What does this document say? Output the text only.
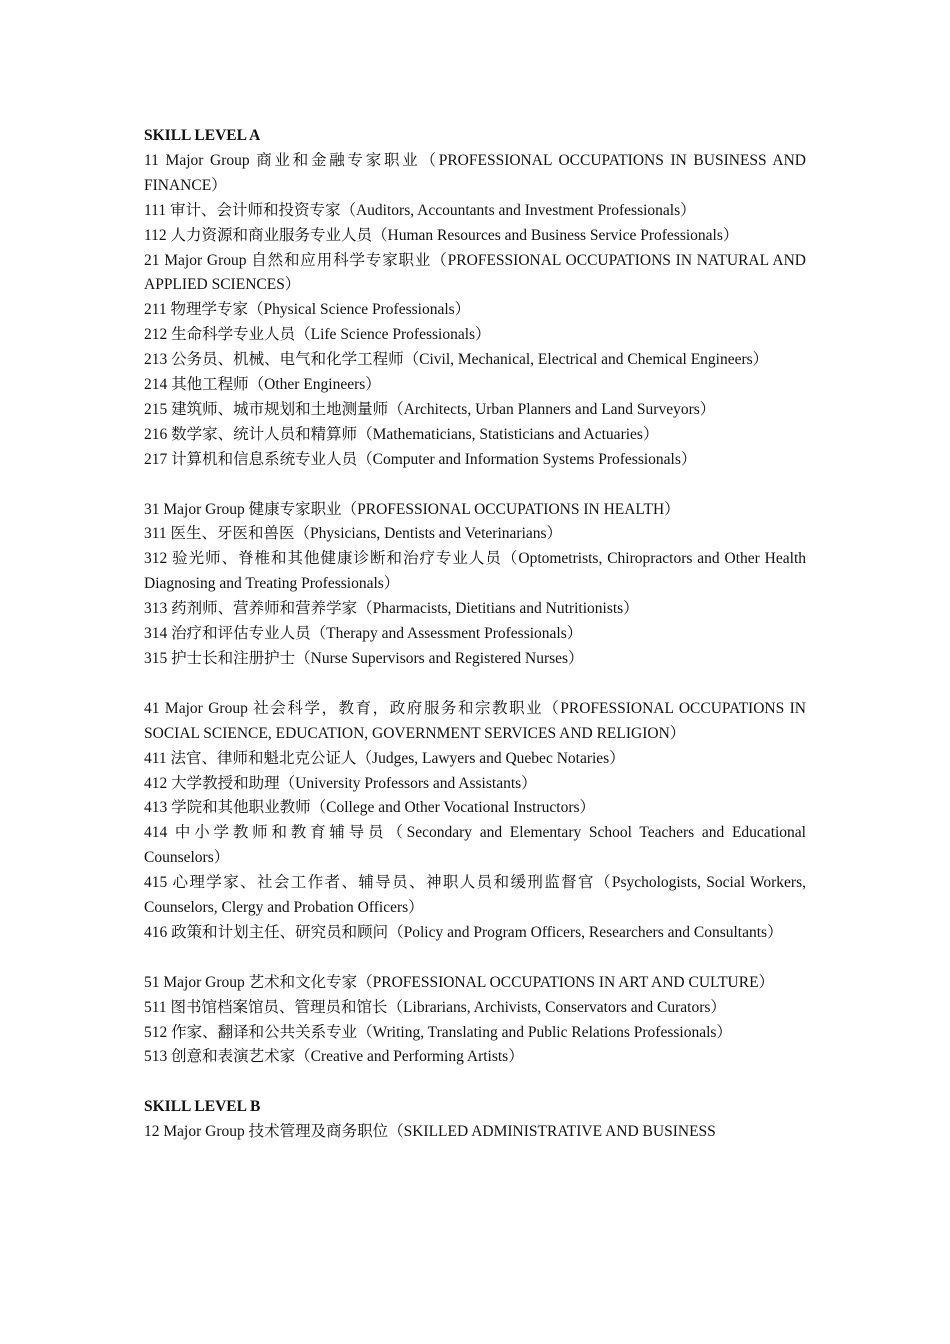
SKILL LEVEL A
11 Major Group 商业和金融专家职业（PROFESSIONAL OCCUPATIONS IN BUSINESS AND FINANCE）
111 审计、会计师和投资专家（Auditors, Accountants and Investment Professionals）
112 人力资源和商业服务专业人员（Human Resources and Business Service Professionals）
21 Major Group 自然和应用科学专家职业（PROFESSIONAL OCCUPATIONS IN NATURAL AND APPLIED SCIENCES）
211 物理学专家（Physical Science Professionals）
212 生命科学专业人员（Life Science Professionals）
213 公务员、机械、电气和化学工程师（Civil, Mechanical, Electrical and Chemical Engineers）
214 其他工程师（Other Engineers）
215 建筑师、城市规划和土地测量师（Architects, Urban Planners and Land Surveyors）
216 数学家、统计人员和精算师（Mathematicians, Statisticians and Actuaries）
217 计算机和信息系统专业人员（Computer and Information Systems Professionals）
31 Major Group 健康专家职业（PROFESSIONAL OCCUPATIONS IN HEALTH）
311 医生、牙医和兽医（Physicians, Dentists and Veterinarians）
312 验光师、脊椎和其他健康诊断和治疗专业人员（Optometrists, Chiropractors and Other Health Diagnosing and Treating Professionals）
313 药剂师、营养师和营养学家（Pharmacists, Dietitians and Nutritionists）
314 治疗和评估专业人员（Therapy and Assessment Professionals）
315 护士长和注册护士（Nurse Supervisors and Registered Nurses）
41 Major Group 社会科学，教育，政府服务和宗教职业（PROFESSIONAL OCCUPATIONS IN SOCIAL SCIENCE, EDUCATION, GOVERNMENT SERVICES AND RELIGION）
411 法官、律师和魁北克公证人（Judges, Lawyers and Quebec Notaries）
412 大学教授和助理（University Professors and Assistants）
413 学院和其他职业教师（College and Other Vocational Instructors）
414 中小学教师和教育辅导员（Secondary and Elementary School Teachers and Educational Counselors）
415 心理学家、社会工作者、辅导员、神职人员和缓刑监督官（Psychologists, Social Workers, Counselors, Clergy and Probation Officers）
416 政策和计划主任、研究员和顾问（Policy and Program Officers, Researchers and Consultants）
51 Major Group 艺术和文化专家（PROFESSIONAL OCCUPATIONS IN ART AND CULTURE）
511 图书馆档案馆员、管理员和馆长（Librarians, Archivists, Conservators and Curators）
512 作家、翻译和公共关系专业（Writing, Translating and Public Relations Professionals）
513 创意和表演艺术家（Creative and Performing Artists）
SKILL LEVEL B
12 Major Group 技术管理及商务职位（SKILLED ADMINISTRATIVE AND BUSINESS
